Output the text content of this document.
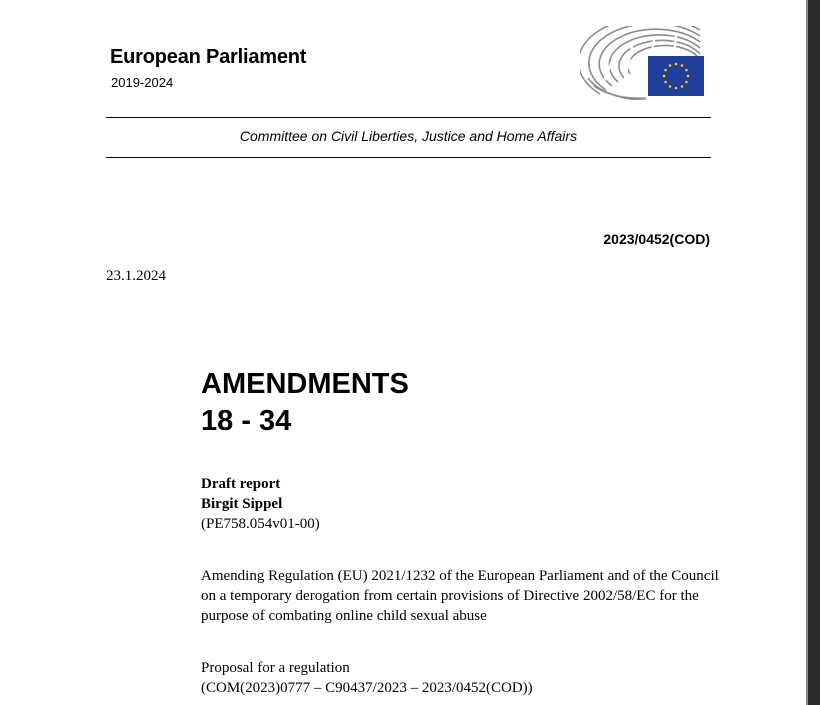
European Parliament
2019-2024
Committee on Civil Liberties, Justice and Home Affairs
2023/0452(COD)
23.1.2024
AMENDMENTS
18 - 34
Draft report
Birgit Sippel
(PE758.054v01-00)
Amending Regulation (EU) 2021/1232 of the European Parliament and of the Council on a temporary derogation from certain provisions of Directive 2002/58/EC for the purpose of combating online child sexual abuse
Proposal for a regulation
(COM(2023)0777 – C90437/2023 – 2023/0452(COD))
